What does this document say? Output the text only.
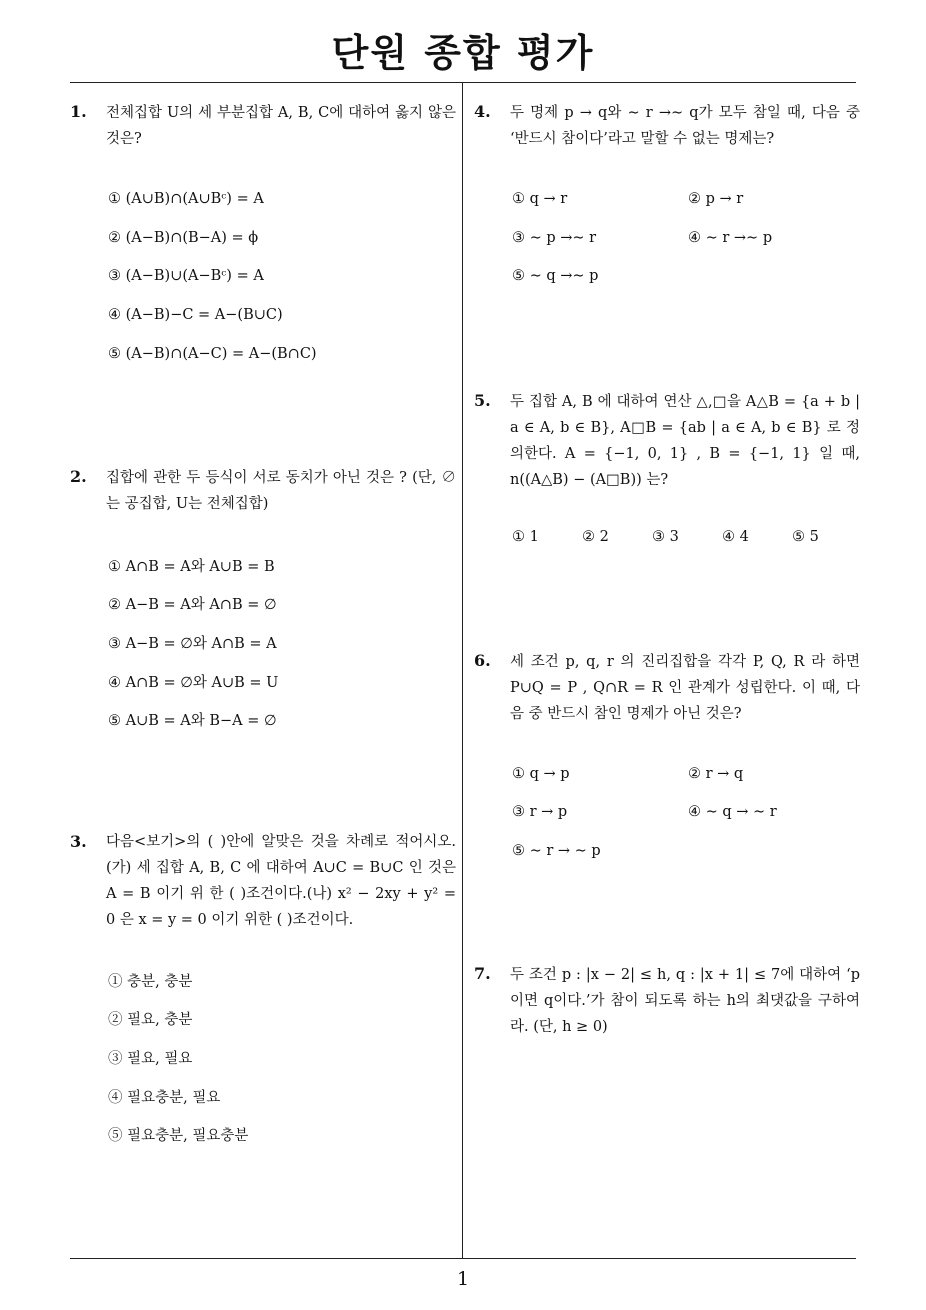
단원 종합 평가
1
1. 전체집합 U의 세 부분집합 A, B, C에 대하여 옳지 않은 것은?
① (A∪B)∩(A∪Bᶜ) = A
② (A−B)∩(B−A) = ϕ
③ (A−B)∪(A−Bᶜ) = A
④ (A−B)−C = A−(B∪C)
⑤ (A−B)∩(A−C) = A−(B∩C)
2. 집합에 관한 두 등식이 서로 동치가 아닌 것은 ? (단, ∅ 는 공집합, U는 전체집합)
① A∩B = A와 A∪B = B
② A−B = A와 A∩B = ∅
③ A−B = ∅와 A∩B = A
④ A∩B = ∅와 A∪B = U
⑤ A∪B = A와 B−A = ∅
3. 다음<보기>의 ( )안에 알맞은 것을 차례로 적어시오.(가) 세 집합 A, B, C 에 대하여 A∪C = B∪C 인 것은 A = B 이기 위 한 ( )조건이다.(나) x² − 2xy + y² = 0 은 x = y = 0 이기 위한 ( )조건이다.
① 충분, 충분
② 필요, 충분
③ 필요, 필요
④ 필요충분, 필요
⑤ 필요충분, 필요충분
4. 두 명제 p → q와 ∼ r →∼ q가 모두 참일 때, 다음 중 ‘반드시 참이다’라고 말할 수 없는 명제는?
① q → r	② p → r
③ ∼ p →∼ r	④ ∼ r →∼ p
⑤ ∼ q →∼ p
5. 두 집합 A, B 에 대하여 연산 △,□을 A△B = {a + b | a ∈ A, b ∈ B}, A□B = {ab | a ∈ A, b ∈ B} 로 정의한다. A = {−1, 0, 1} , B = {−1, 1} 일 때, n((A△B) − (A□B)) 는?
① 1	② 2	③ 3	④ 4	⑤ 5
6. 세 조건 p, q, r 의 진리집합을 각각 P, Q, R 라 하면 P∪Q = P , Q∩R = R 인 관계가 성립한다. 이 때, 다음 중 반드시 참인 명제가 아닌 것은?
① q → p	② r → q
③ r → p	④ ∼ q → ∼ r
⑤ ∼ r → ∼ p
7. 두 조건 p : |x − 2| ≤ h, q : |x + 1| ≤ 7에 대하여 ‘p 이면 q이다.’가 참이 되도록 하는 h의 최댓값을 구하여라. (단, h ≥ 0)
